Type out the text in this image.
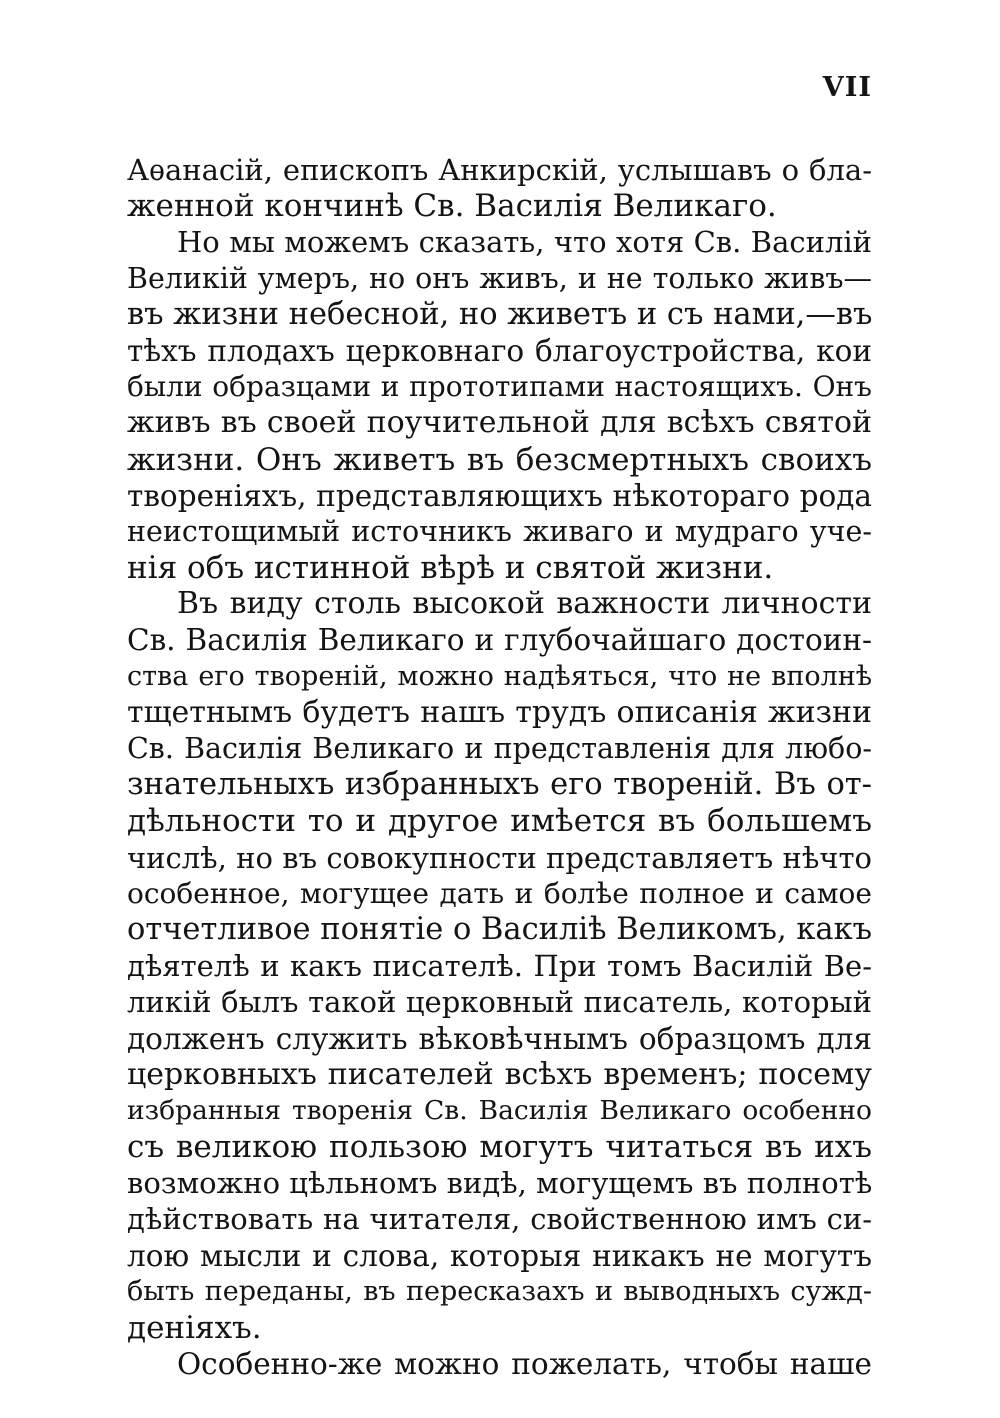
VII
Аѳанасій, епископъ Анкирскій, услышавъ о бла-
женной кончинѣ Св. Василія Великаго.
Но мы можемъ сказать, что хотя Св. Василій
Великій умеръ, но онъ живъ, и не только живъ—
въ жизни небесной, но живетъ и съ нами,—въ
тѣхъ плодахъ церковнаго благоустройства, кои
были образцами и прототипами настоящихъ. Онъ
живъ въ своей поучительной для всѣхъ святой
жизни. Онъ живетъ въ безсмертныхъ своихъ
твореніяхъ, представляющихъ нѣкотораго рода
неистощимый источникъ живаго и мудраго уче-
нія объ истинной вѣрѣ и святой жизни.
Въ виду столь высокой важности личности
Св. Василія Великаго и глубочайшаго достоин-
ства его твореній, можно надѣяться, что не вполнѣ
тщетнымъ будетъ нашъ трудъ описанія жизни
Св. Василія Великаго и представленія для любо-
знательныхъ избранныхъ его твореній. Въ от-
дѣльности то и другое имѣется въ большемъ
числѣ, но въ совокупности представляетъ нѣчто
особенное, могущее дать и болѣе полное и самое
отчетливое понятіе о Василіѣ Великомъ, какъ
дѣятелѣ и какъ писателѣ. При томъ Василій Ве-
ликій былъ такой церковный писатель, который
долженъ служить вѣковѣчнымъ образцомъ для
церковныхъ писателей всѣхъ временъ; посему
избранныя творенія Св. Василія Великаго особенно
съ великою пользою могутъ читаться въ ихъ
возможно цѣльномъ видѣ, могущемъ въ полнотѣ
дѣйствовать на читателя, свойственною имъ си-
лою мысли и слова, которыя никакъ не могутъ
быть переданы, въ пересказахъ и выводныхъ сужд-
деніяхъ.
Особенно-же можно пожелать, чтобы наше
